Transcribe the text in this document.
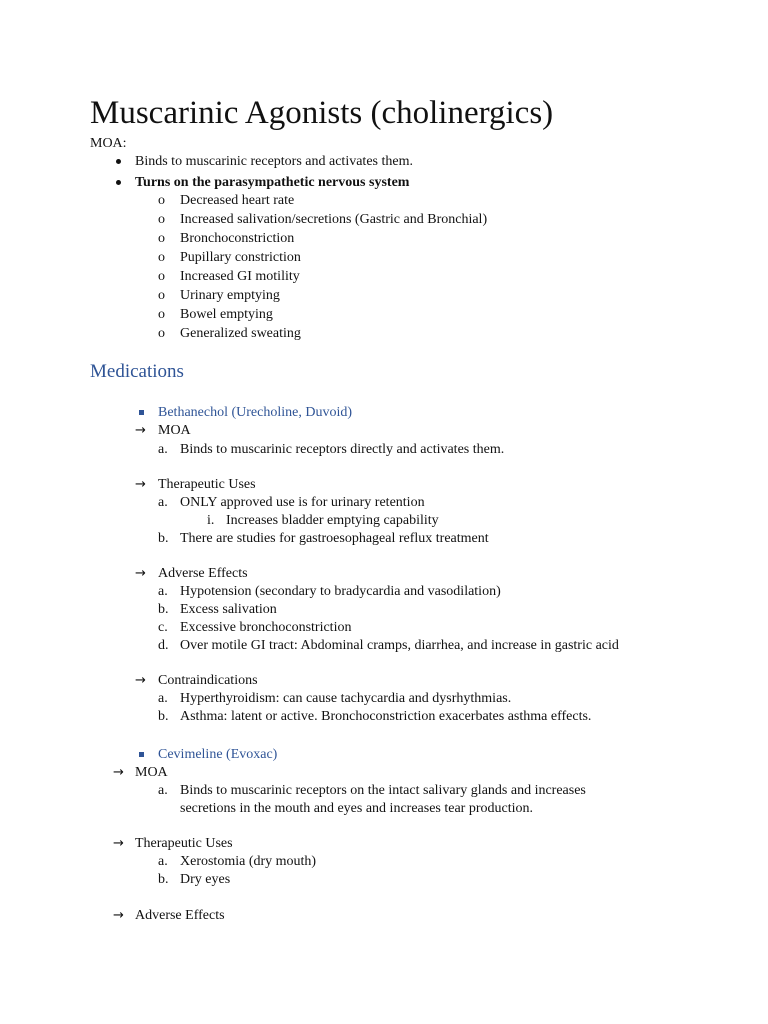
Muscarinic Agonists (cholinergics)
MOA:
Binds to muscarinic receptors and activates them.
Turns on the parasympathetic nervous system
o Decreased heart rate
o Increased salivation/secretions (Gastric and Bronchial)
o Bronchoconstriction
o Pupillary constriction
o Increased GI motility
o Urinary emptying
o Bowel emptying
o Generalized sweating
Medications
Bethanechol (Urecholine, Duvoid)
→ MOA
a. Binds to muscarinic receptors directly and activates them.
→ Therapeutic Uses
a. ONLY approved use is for urinary retention
i. Increases bladder emptying capability
b. There are studies for gastroesophageal reflux treatment
→ Adverse Effects
a. Hypotension (secondary to bradycardia and vasodilation)
b. Excess salivation
c. Excessive bronchoconstriction
d. Over motile GI tract: Abdominal cramps, diarrhea, and increase in gastric acid
→ Contraindications
a. Hyperthyroidism: can cause tachycardia and dysrhythmias.
b. Asthma: latent or active. Bronchoconstriction exacerbates asthma effects.
Cevimeline (Evoxac)
→ MOA
a. Binds to muscarinic receptors on the intact salivary glands and increases
secretions in the mouth and eyes and increases tear production.
→ Therapeutic Uses
a. Xerostomia (dry mouth)
b. Dry eyes
→ Adverse Effects
